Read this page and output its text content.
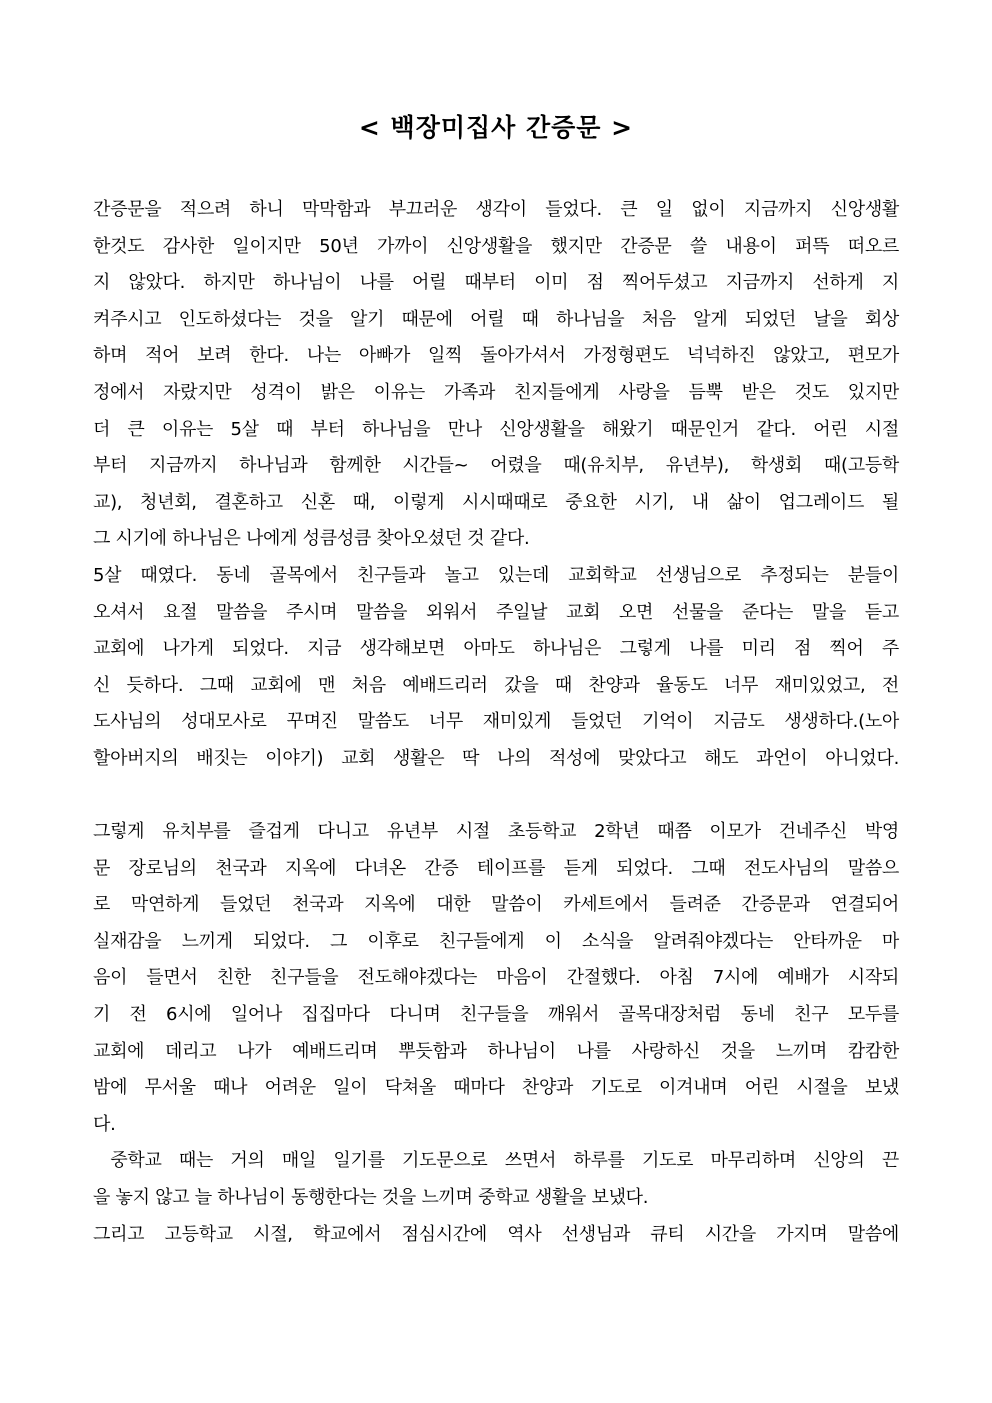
< 백장미집사 간증문 >
간증문을 적으려 하니 막막함과 부끄러운 생각이 들었다. 큰 일 없이 지금까지 신앙생활
한것도 감사한 일이지만 50년 가까이 신앙생활을 했지만 간증문 쓸 내용이 퍼뜩 떠오르
지 않았다. 하지만 하나님이 나를 어릴 때부터 이미 점 찍어두셨고 지금까지 선하게 지
켜주시고 인도하셨다는 것을 알기 때문에 어릴 때 하나님을 처음 알게 되었던 날을 회상
하며 적어 보려 한다. 나는 아빠가 일찍 돌아가셔서 가정형편도 넉넉하진 않았고, 편모가
정에서 자랐지만 성격이 밝은 이유는 가족과 친지들에게 사랑을 듬뿍 받은 것도 있지만
더 큰 이유는 5살 때 부터 하나님을 만나 신앙생활을 해왔기 때문인거 같다. 어린 시절
부터 지금까지 하나님과 함께한 시간들~ 어렸을 때(유치부, 유년부), 학생회 때(고등학
교), 청년회, 결혼하고 신혼 때, 이렇게 시시때때로 중요한 시기, 내 삶이 업그레이드 될
그 시기에 하나님은 나에게 성큼성큼 찾아오셨던 것 같다.
5살 때였다. 동네 골목에서 친구들과 놀고 있는데 교회학교 선생님으로 추정되는 분들이
오셔서 요절 말씀을 주시며 말씀을 외워서 주일날 교회 오면 선물을 준다는 말을 듣고
교회에 나가게 되었다. 지금 생각해보면 아마도 하나님은 그렇게 나를 미리 점 찍어 주
신 듯하다. 그때 교회에 맨 처음 예배드리러 갔을 때 찬양과 율동도 너무 재미있었고, 전
도사님의 성대모사로 꾸며진 말씀도 너무 재미있게 들었던 기억이 지금도 생생하다.(노아
할아버지의 배짓는 이야기) 교회 생활은 딱 나의 적성에 맞았다고 해도 과언이 아니었다.
그렇게 유치부를 즐겁게 다니고 유년부 시절 초등학교 2학년 때쯤 이모가 건네주신 박영
문 장로님의 천국과 지옥에 다녀온 간증 테이프를 듣게 되었다. 그때 전도사님의 말씀으
로 막연하게 들었던 천국과 지옥에 대한 말씀이 카세트에서 들려준 간증문과 연결되어
실재감을 느끼게 되었다. 그 이후로 친구들에게 이 소식을 알려줘야겠다는 안타까운 마
음이 들면서 친한 친구들을 전도해야겠다는 마음이 간절했다. 아침 7시에 예배가 시작되
기 전 6시에 일어나 집집마다 다니며 친구들을 깨워서 골목대장처럼 동네 친구 모두를
교회에 데리고 나가 예배드리며 뿌듯함과 하나님이 나를 사랑하신 것을 느끼며 캄캄한
밤에 무서울 때나 어려운 일이 닥쳐올 때마다 찬양과 기도로 이겨내며 어린 시절을 보냈
다.
중학교 때는 거의 매일 일기를 기도문으로 쓰면서 하루를 기도로 마무리하며 신앙의 끈
을 놓지 않고 늘 하나님이 동행한다는 것을 느끼며 중학교 생활을 보냈다.
그리고 고등학교 시절, 학교에서 점심시간에 역사 선생님과 큐티 시간을 가지며 말씀에
